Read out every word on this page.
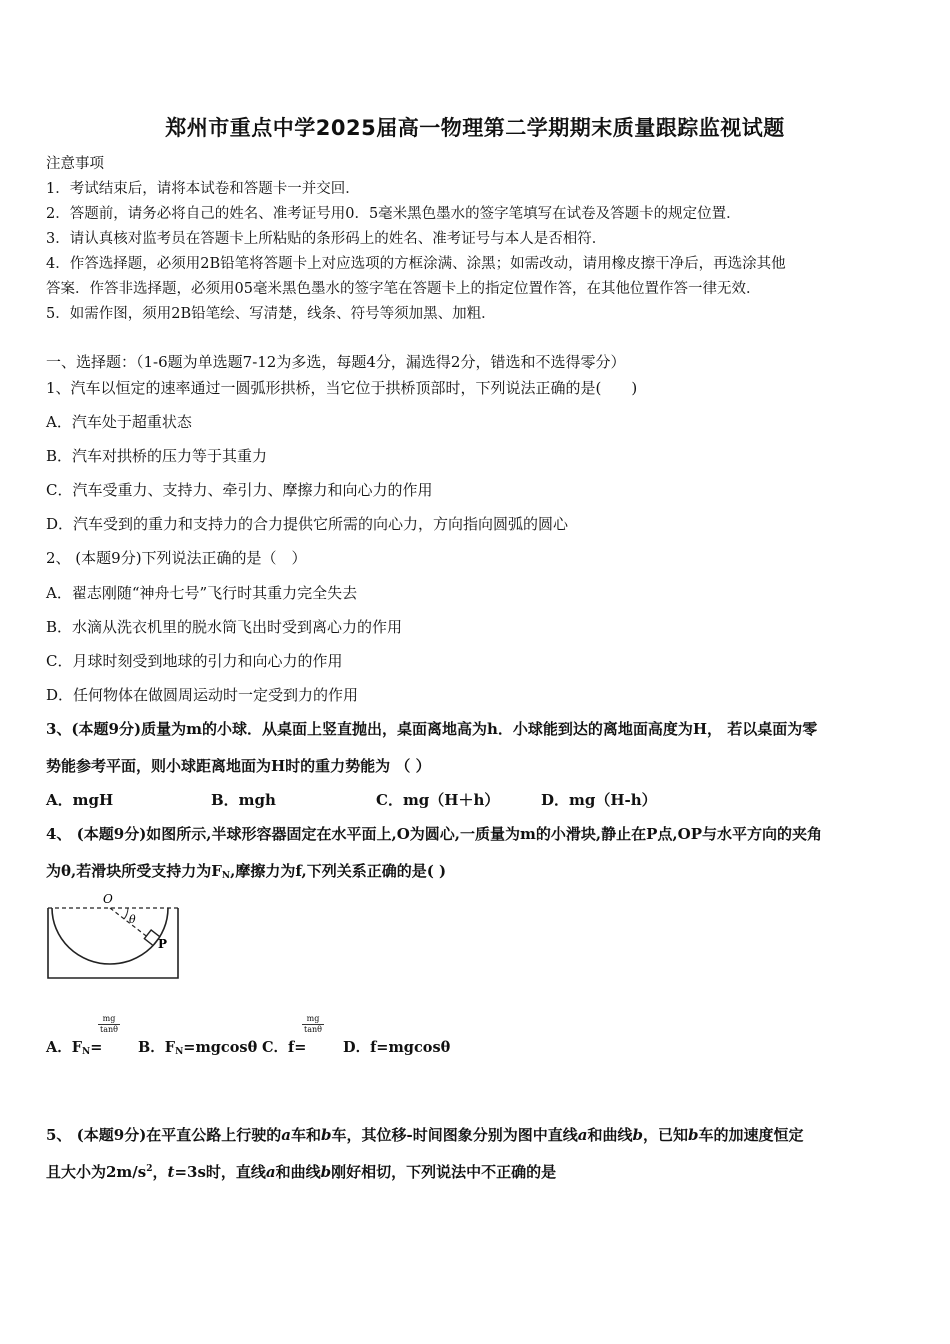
郑州市重点中学2025届高一物理第二学期期末质量跟踪监视试题
注意事项
1．考试结束后，请将本试卷和答题卡一并交回．
2．答题前，请务必将自己的姓名、准考证号用0．5毫米黑色墨水的签字笔填写在试卷及答题卡的规定位置．
3．请认真核对监考员在答题卡上所粘贴的条形码上的姓名、准考证号与本人是否相符．
4．作答选择题，必须用2B铅笔将答题卡上对应选项的方框涂满、涂黑；如需改动，请用橡皮擦干净后，再选涂其他
答案．作答非选择题，必须用05毫米黑色墨水的签字笔在答题卡上的指定位置作答，在其他位置作答一律无效．
5．如需作图，须用2B铅笔绘、写清楚，线条、符号等须加黑、加粗．
一、选择题：（1-6题为单选题7-12为多选，每题4分，漏选得2分，错选和不选得零分）
1、汽车以恒定的速率通过一圆弧形拱桥，当它位于拱桥顶部时，下列说法正确的是(　　)
A．汽车处于超重状态
B．汽车对拱桥的压力等于其重力
C．汽车受重力、支持力、牵引力、摩擦力和向心力的作用
D．汽车受到的重力和支持力的合力提供它所需的向心力，方向指向圆弧的圆心
2、 (本题9分)下列说法正确的是（　）
A．翟志刚随“神舟七号”飞行时其重力完全失去
B．水滴从洗衣机里的脱水筒飞出时受到离心力的作用
C．月球时刻受到地球的引力和向心力的作用
D．任何物体在做圆周运动时一定受到力的作用
3、(本题9分)质量为m的小球．从桌面上竖直抛出，桌面离地高为h．小球能到达的离地面高度为H， 若以桌面为零
势能参考平面，则小球距离地面为H时的重力势能为 （ ）
A．mgH	B．mgh	C．mg（H＋h）	D．mg（H-h）
4、 (本题9分)如图所示,半球形容器固定在水平面上,O为圆心,一质量为m的小滑块,静止在P点,OP与水平方向的夹角
为θ,若滑块所受支持力为$F_N$,摩擦力为f,下列关系正确的是( )
O
θ
P
A．$F_N=$
$\frac{mg}{\tan\theta}$
B．$F_N=mgcos\theta$ C．f=
$\frac{mg}{\tan\theta}$
D．f=mgcosθ
5、 (本题9分)在平直公路上行驶的a车和b车，其位移-时间图象分别为图中直线a和曲线b，已知b车的加速度恒定
且大小为$2m/s^2$，t=3s时，直线a和曲线b刚好相切，下列说法中不正确的是
